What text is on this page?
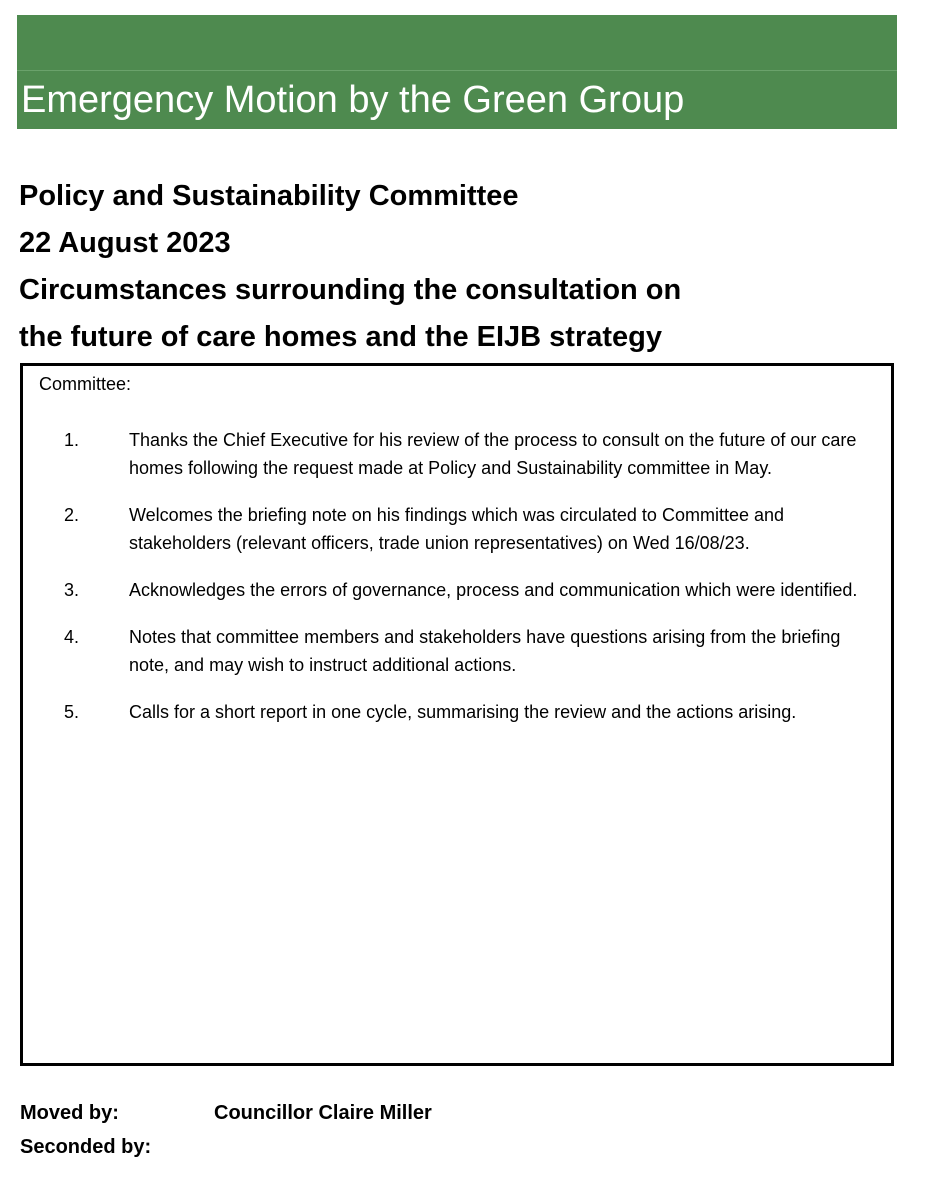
Emergency Motion by the Green Group
Policy and Sustainability Committee
22 August 2023
Circumstances surrounding the consultation on
the future of care homes and the EIJB strategy
Committee:
1.	Thanks the Chief Executive for his review of the process to consult on the future of our care homes following the request made at Policy and Sustainability committee in May.
2.	Welcomes the briefing note on his findings which was circulated to Committee and stakeholders (relevant officers, trade union representatives) on Wed 16/08/23.
3.	Acknowledges the errors of governance, process and communication which were identified.
4.	Notes that committee members and stakeholders have questions arising from the briefing note, and may wish to instruct additional actions.
5.	Calls for a short report in one cycle, summarising the review and the actions arising.
Moved by:	Councillor Claire Miller
Seconded by:
